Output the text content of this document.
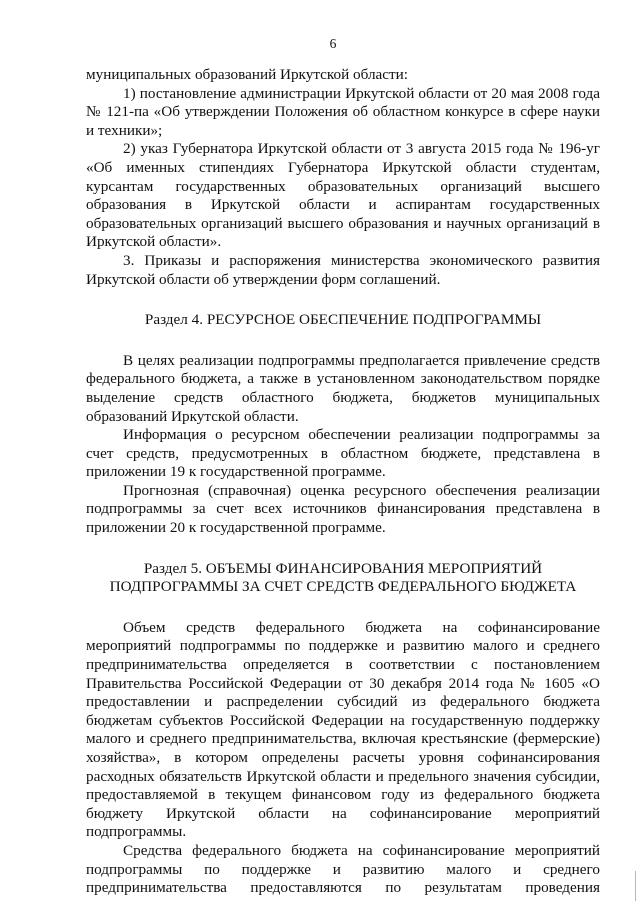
6

муниципальных образований Иркутской области:

1) постановление администрации Иркутской области от 20 мая 2008 года № 121-па «Об утверждении Положения об областном конкурсе в сфере науки и техники»;

2) указ Губернатора Иркутской области от 3 августа 2015 года № 196-уг «Об именных стипендиях Губернатора Иркутской области студентам, курсантам государственных образовательных организаций высшего образования в Иркутской области и аспирантам государственных образовательных организаций высшего образования и научных организаций в Иркутской области».

3. Приказы и распоряжения министерства экономического развития Иркутской области об утверждении форм соглашений.

Раздел 4. РЕСУРСНОЕ ОБЕСПЕЧЕНИЕ ПОДПРОГРАММЫ

В целях реализации подпрограммы предполагается привлечение средств федерального бюджета, а также в установленном законодательством порядке выделение средств областного бюджета, бюджетов муниципальных образований Иркутской области.

Информация о ресурсном обеспечении реализации подпрограммы за счет средств, предусмотренных в областном бюджете, представлена в приложении 19 к государственной программе.

Прогнозная (справочная) оценка ресурсного обеспечения реализации подпрограммы за счет всех источников финансирования представлена в приложении 20 к государственной программе.

Раздел 5. ОБЪЕМЫ ФИНАНСИРОВАНИЯ МЕРОПРИЯТИЙ
ПОДПРОГРАММЫ ЗА СЧЕТ СРЕДСТВ ФЕДЕРАЛЬНОГО БЮДЖЕТА

Объем средств федерального бюджета на софинансирование мероприятий подпрограммы по поддержке и развитию малого и среднего предпринимательства определяется в соответствии с постановлением Правительства Российской Федерации от 30 декабря 2014 года № 1605 «О предоставлении и распределении субсидий из федерального бюджета бюджетам субъектов Российской Федерации на государственную поддержку малого и среднего предпринимательства, включая крестьянские (фермерские) хозяйства», в котором определены расчеты уровня софинансирования расходных обязательств Иркутской области и предельного значения субсидии, предоставляемой в текущем финансовом году из федерального бюджета бюджету Иркутской области на софинансирование мероприятий подпрограммы.

Средства федерального бюджета на софинансирование мероприятий подпрограммы по поддержке и развитию малого и среднего предпринимательства предоставляются по результатам проведения
